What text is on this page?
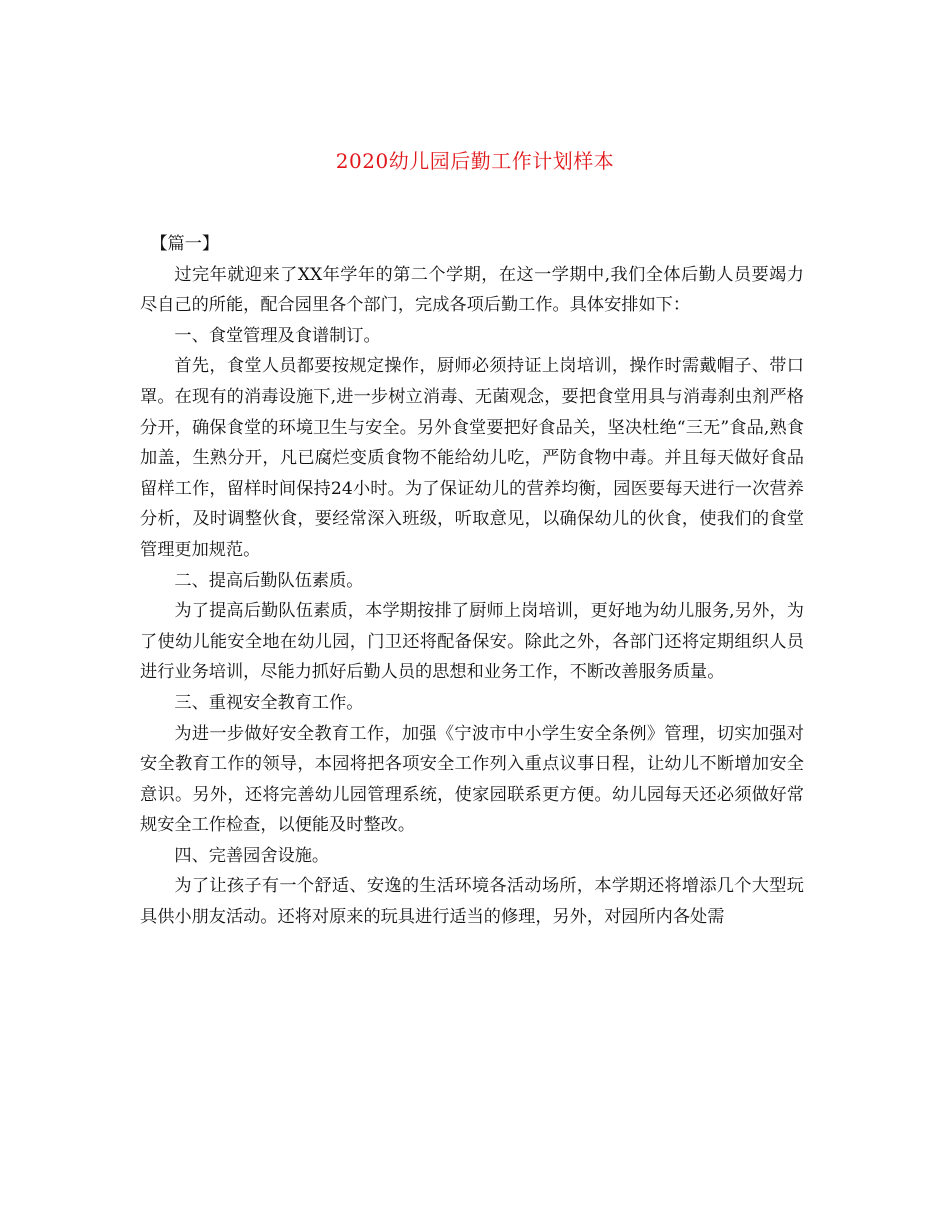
2020幼儿园后勤工作计划样本

【篇一】

过完年就迎来了XX年学年的第二个学期，在这一学期中,我们全体后勤人员要竭力尽自己的所能，配合园里各个部门，完成各项后勤工作。具体安排如下：

一、食堂管理及食谱制订。

首先，食堂人员都要按规定操作，厨师必须持证上岗培训，操作时需戴帽子、带口罩。在现有的消毒设施下,进一步树立消毒、无菌观念，要把食堂用具与消毒刹虫剂严格分开，确保食堂的环境卫生与安全。另外食堂要把好食品关，坚决杜绝“三无”食品,熟食加盖，生熟分开，凡已腐烂变质食物不能给幼儿吃，严防食物中毒。并且每天做好食品留样工作，留样时间保持24小时。为了保证幼儿的营养均衡，园医要每天进行一次营养分析，及时调整伙食，要经常深入班级，听取意见，以确保幼儿的伙食，使我们的食堂管理更加规范。

二、提高后勤队伍素质。

为了提高后勤队伍素质，本学期按排了厨师上岗培训，更好地为幼儿服务,另外，为了使幼儿能安全地在幼儿园，门卫还将配备保安。除此之外，各部门还将定期组织人员进行业务培训，尽能力抓好后勤人员的思想和业务工作，不断改善服务质量。

三、重视安全教育工作。

为进一步做好安全教育工作，加强《宁波市中小学生安全条例》管理，切实加强对安全教育工作的领导，本园将把各项安全工作列入重点议事日程，让幼儿不断增加安全意识。另外，还将完善幼儿园管理系统，使家园联系更方便。幼儿园每天还必须做好常规安全工作检查，以便能及时整改。

四、完善园舍设施。

为了让孩子有一个舒适、安逸的生活环境各活动场所，本学期还将增添几个大型玩具供小朋友活动。还将对原来的玩具进行适当的修理，另外，对园所内各处需
